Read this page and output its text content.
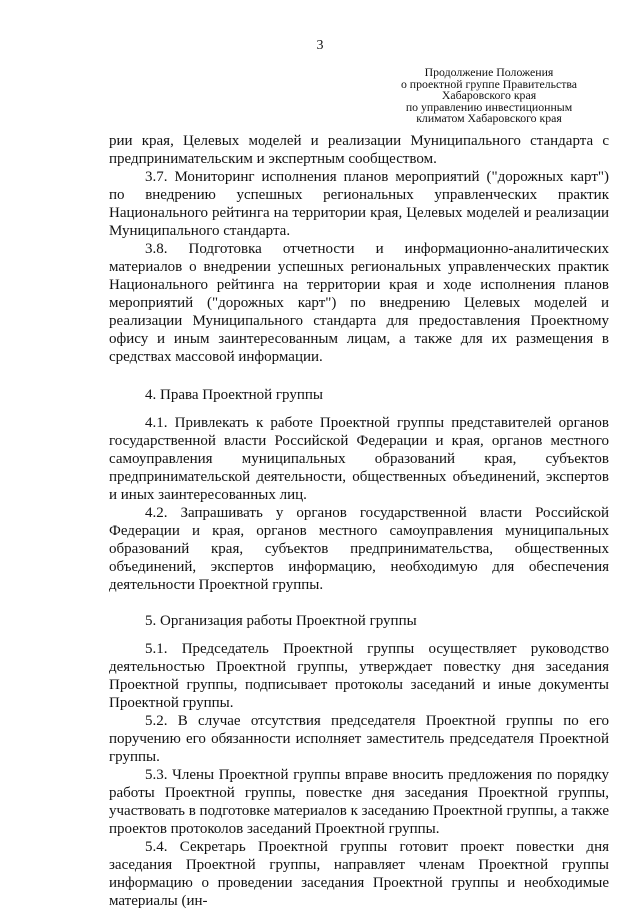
3
Продолжение Положения
о проектной группе Правительства
Хабаровского края
по управлению инвестиционным
климатом Хабаровского края

рии края, Целевых моделей и реализации Муниципального стандарта с предпринимательским и экспертным сообществом.

3.7. Мониторинг исполнения планов мероприятий ("дорожных карт") по внедрению успешных региональных управленческих практик Национального рейтинга на территории края, Целевых моделей и реализации Муниципального стандарта.

3.8. Подготовка отчетности и информационно-аналитических материалов о внедрении успешных региональных управленческих практик Национального рейтинга на территории края и ходе исполнения планов мероприятий ("дорожных карт") по внедрению Целевых моделей и реализации Муниципального стандарта для предоставления Проектному офису и иным заинтересованным лицам, а также для их размещения в средствах массовой информации.

4. Права Проектной группы

4.1. Привлекать к работе Проектной группы представителей органов государственной власти Российской Федерации и края, органов местного самоуправления муниципальных образований края, субъектов предпринимательской деятельности, общественных объединений, экспертов и иных заинтересованных лиц.

4.2. Запрашивать у органов государственной власти Российской Федерации и края, органов местного самоуправления муниципальных образований края, субъектов предпринимательства, общественных объединений, экспертов информацию, необходимую для обеспечения деятельности Проектной группы.

5. Организация работы Проектной группы

5.1. Председатель Проектной группы осуществляет руководство деятельностью Проектной группы, утверждает повестку дня заседания Проектной группы, подписывает протоколы заседаний и иные документы Проектной группы.

5.2. В случае отсутствия председателя Проектной группы по его поручению его обязанности исполняет заместитель председателя Проектной группы.

5.3. Члены Проектной группы вправе вносить предложения по порядку работы Проектной группы, повестке дня заседания Проектной группы, участвовать в подготовке материалов к заседанию Проектной группы, а также проектов протоколов заседаний Проектной группы.

5.4. Секретарь Проектной группы готовит проект повестки дня заседания Проектной группы, направляет членам Проектной группы информацию о проведении заседания Проектной группы и необходимые материалы (ин-
